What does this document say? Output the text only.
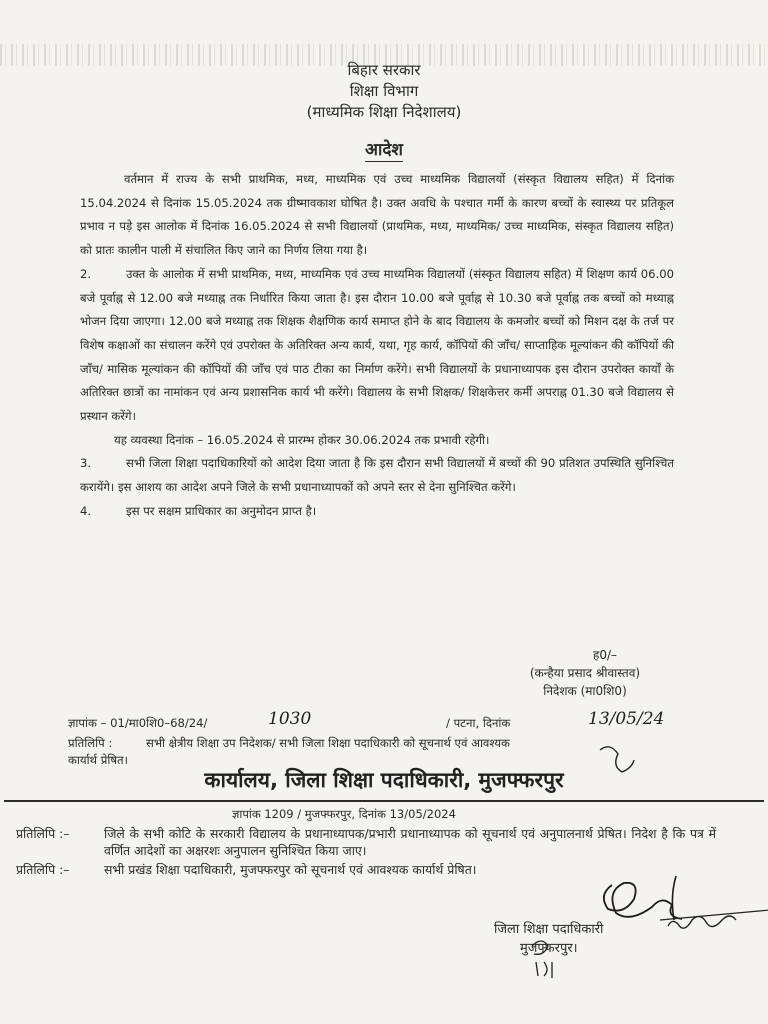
बिहार सरकार
शिक्षा विभाग
(माध्यमिक शिक्षा निदेशालय)
आदेश

वर्तमान में राज्य के सभी प्राथमिक, मध्य, माध्यमिक एवं उच्च माध्यमिक विद्यालयों (संस्कृत विद्यालय सहित) में दिनांक 15.04.2024 से दिनांक 15.05.2024 तक ग्रीष्मावकाश घोषित है। उक्त अवधि के पश्चात गर्मी के कारण बच्चों के स्वास्थ्य पर प्रतिकूल प्रभाव न पड़े इस आलोक में दिनांक 16.05.2024 से सभी विद्यालयों (प्राथमिक, मध्य, माध्यमिक/ उच्च माध्यमिक, संस्कृत विद्यालय सहित) को प्रातः कालीन पाली में संचालित किए जाने का निर्णय लिया गया है।

2.	उक्त के आलोक में सभी प्राथमिक, मध्य, माध्यमिक एवं उच्च माध्यमिक विद्यालयों (संस्कृत विद्यालय सहित) में शिक्षण कार्य 06.00 बजे पूर्वाह्न से 12.00 बजे मध्याह्न तक निर्धारित किया जाता है। इस दौरान 10.00 बजे पूर्वाह्न से 10.30 बजे पूर्वाह्न तक बच्चों को मध्याह्न भोजन दिया जाएगा। 12.00 बजे मध्याह्न तक शिक्षक शैक्षणिक कार्य समाप्त होने के बाद विद्यालय के कमजोर बच्चों को मिशन दक्ष के तर्ज पर विशेष कक्षाओं का संचालन करेंगे एवं उपरोक्त के अतिरिक्त अन्य कार्य, यथा, गृह कार्य, कॉपियों की जाँच/ साप्ताहिक मूल्यांकन की कॉपियों की जाँच/ मासिक मूल्यांकन की कॉपियों की जाँच एवं पाठ टीका का निर्माण करेंगे। सभी विद्यालयों के प्रधानाध्यापक इस दौरान उपरोक्त कार्यों के अतिरिक्त छात्रों का नामांकन एवं अन्य प्रशासनिक कार्य भी करेंगे। विद्यालय के सभी शिक्षक/ शिक्षकेत्तर कर्मी अपराह्न 01.30 बजे विद्यालय से प्रस्थान करेंगे।

यह व्यवस्था दिनांक – 16.05.2024 से प्रारम्भ होकर 30.06.2024 तक प्रभावी रहेगी।

3.	सभी जिला शिक्षा पदाधिकारियों को आदेश दिया जाता है कि इस दौरान सभी विद्यालयों में बच्चों की 90 प्रतिशत उपस्थिति सुनिश्चित करायेंगे। इस आशय का आदेश अपने जिले के सभी प्रधानाध्यापकों को अपने स्तर से देना सुनिश्चित करेंगे।

4.	इस पर सक्षम प्राधिकार का अनुमोदन प्राप्त है।

ह0/–
(कन्हैया प्रसाद श्रीवास्तव)
निदेशक (मा0शि0)
ज्ञापांक – 01/मा0शि0–68/24/	1030	/ पटना, दिनांक	13/05/24
प्रतिलिपि :	सभी क्षेत्रीय शिक्षा उप निदेशक/ सभी जिला शिक्षा पदाधिकारी को सूचनार्थ एवं आवश्यक
कार्यार्थ प्रेषित।
कार्यालय, जिला शिक्षा पदाधिकारी, मुजफ्फरपुर
ज्ञापांक 1209 / मुजफ्फरपुर, दिनांक 13/05/2024
प्रतिलिपि :–	जिले के सभी कोटि के सरकारी विद्यालय के प्रधानाध्यापक/प्रभारी प्रधानाध्यापक को सूचनार्थ एवं अनुपालनार्थ प्रेषित। निदेश है कि पत्र में वर्णित आदेशों का अक्षरशः अनुपालन सुनिश्चित किया जाए।
प्रतिलिपि :–	सभी प्रखंड शिक्षा पदाधिकारी, मुजफ्फरपुर को सूचनार्थ एवं आवश्यक कार्यार्थ प्रेषित।
जिला शिक्षा पदाधिकारी
मुजफ्फरपुर।
